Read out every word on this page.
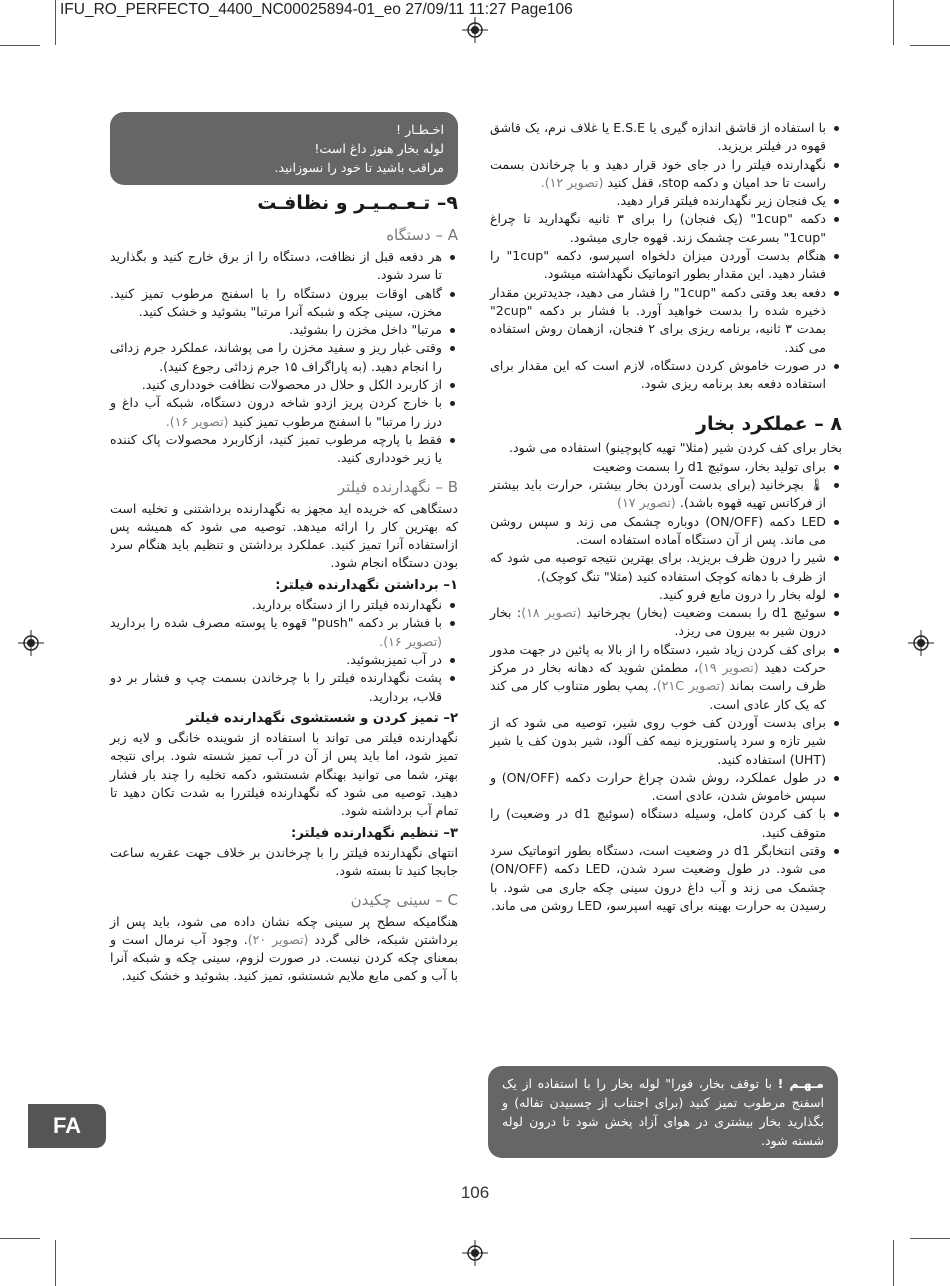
IFU_RO_PERFECTO_4400_NC00025894-01_eo 27/09/11 11:27 Page106
اخـطـار !
لوله بخار هنوز داغ است!
مراقب باشید تا خود را نسوزانید.
با استفاده از قاشق اندازه گیری یا E.S.E یا غلاف نرم، یک قاشق قهوه در فیلتر بریزید.
نگهدارنده فیلتر را در جای خود قرار دهید و با چرخاندن بسمت راست تا حد امیان و دکمه stop، قفل کنید (تصویر ۱۲).
یک فنجان زیر نگهدارنده فیلتر قرار دهید.
دکمه "1cup" (یک فنجان) را برای ۳ ثانیه نگهدارید تا چراغ "1cup" بسرعت چشمک زند. قهوه جاری میشود.
هنگام بدست آوردن میزان دلخواه اسپرسو، دکمه "1cup" را فشار دهید. این مقدار بطور اتوماتیک نگهداشته میشود.
دفعه بعد وقتی دکمه "1cup" را فشار می دهید، جدیدترین مقدار ذخیره شده را بدست خواهید آورد. با فشار بر دکمه "2cup" بمدت ۳ ثانیه، برنامه ریزی برای ۲ فنجان، ازهمان روش استفاده می کند.
در صورت خاموش کردن دستگاه، لازم است که این مقدار برای استفاده دفعه بعد برنامه ریزی شود.
۸ – عملکرد بخار

بخار برای کف کردن شیر (مثلا" تهیه کاپوچینو) استفاده می شود.

برای تولید بخار، سوئیچ d1 را بسمت وضعیت
🌡 بچرخانید (برای بدست آوردن بخار بیشتر، حرارت باید بیشتر از فرکانس تهیه قهوه باشد). (تصویر ۱۷)
LED دکمه (ON/OFF) دوباره چشمک می زند و سپس روشن می ماند. پس از آن دستگاه آماده استفاده است.
شیر را درون ظرف بریزید. برای بهترین نتیجه توصیه می شود که از ظرف با دهانه کوچک استفاده کنید (مثلا" تنگ کوچک).
لوله بخار را درون مایع فرو کنید.
سوئیچ d1 را بسمت وضعیت (بخار) بچرخانید (تصویر ۱۸): بخار درون شیر به بیرون می ریزد.
برای کف کردن زیاد شیر، دستگاه را از بالا به پائین در جهت مدور حرکت دهید (تصویر ۱۹)، مطمئن شوید که دهانه بخار در مرکز ظرف راست بماند (تصویر ۲۱C). پمپ بطور متناوب کار می کند که یک کار عادی است.
برای بدست آوردن کف خوب روی شیر، توصیه می شود که از شیر تازه و سرد پاستوریزه نیمه کف آلود، شیر بدون کف یا شیر (UHT) استفاده کنید.
در طول عملکرد، روش شدن چراغ حرارت دکمه (ON/OFF) و سپس خاموش شدن، عادی است.
با کف کردن کامل، وسیله دستگاه (سوئیچ d1 در وضعیت) را متوقف کنید.
وقتی انتخابگر d1 در وضعیت است، دستگاه بطور اتوماتیک سرد می شود. در طول وضعیت سرد شدن، LED دکمه (ON/OFF) چشمک می زند و آب داغ درون سینی چکه جاری می شود. با رسیدن به حرارت بهینه برای تهیه اسپرسو، LED روشن می ماند.
مـهـم ! با توقف بخار، فورا" لوله بخار را با استفاده از یک اسفنج مرطوب تمیز کنید (برای اجتناب از چسبیدن تفاله) و بگذارید بخار بیشتری در هوای آزاد پخش شود تا درون لوله شسته شود.
۹– تـعـمـیـر و نظافـت
A – دستگاه
هر دفعه قبل از نظافت، دستگاه را از برق خارج کنید و بگذارید تا سرد شود.
گاهی اوقات بیرون دستگاه را با اسفنج مرطوب تمیز کنید. مخزن، سینی چکه و شبکه آنرا مرتبا" بشوئید و خشک کنید.
مرتبا" داخل مخزن را بشوئید.
وقتی غبار ریز و سفید مخزن را می پوشاند، عملکرد جرم زدائی را انجام دهید. (به پاراگراف ۱۵ جرم زدائی رجوع کنید).
از کاربرد الکل و حلال در محصولات نظافت خودداری کنید.
با خارج کردن پریز ازدو شاخه درون دستگاه، شبکه آب داغ و درز را مرتبا" با اسفنج مرطوب تمیز کنید (تصویر ۱۶).
فقط با پارچه مرطوب تمیز کنید، ازکاربرد محصولات پاک کننده یا زیر خودداری کنید.
B – نگهدارنده فیلتر

دستگاهی که خریده اید مجهز به نگهدارنده برداشتنی و تخلیه است که بهترین کار را ارائه میدهد. توصیه می شود که همیشه پس ازاستفاده آنرا تمیز کنید. عملکرد برداشتن و تنظیم باید هنگام سرد بودن دستگاه انجام شود.

۱– برداشتن نگهدارنده فیلتر:
نگهدارنده فیلتر را از دستگاه بردارید.
با فشار بر دکمه "push" قهوه یا پوسته مصرف شده را بردارید (تصویر ۱۶).
در آب تمیزبشوئید.
پشت نگهدارنده فیلتر را با چرخاندن بسمت چپ و فشار بر دو قلاب، بردارید.
۲– تمیز کردن و شستشوی نگهدارنده فیلتر

نگهدارنده فیلتر می تواند با استفاده از شوینده خانگی و لایه زبر تمیز شود، اما باید پس از آن در آب تمیز شسته شود. برای نتیجه بهتر، شما می توانید بهنگام شستشو، دکمه تخلیه را چند بار فشار دهید. توصیه می شود که نگهدارنده فیلتررا به شدت تکان دهید تا تمام آب برداشته شود.

۳– تنظیم نگهدارنده فیلتر:

انتهای نگهدارنده فیلتر را با چرخاندن بر خلاف جهت عقربه ساعت جابجا کنید تا بسته شود.

C – سینی چکیدن

هنگامیکه سطح پر سینی چکه نشان داده می شود، باید پس از برداشتن شبکه، خالی گردد (تصویر ۲۰). وجود آب نرمال است و بمعنای چکه کردن نیست. در صورت لزوم، سینی چکه و شبکه آنرا با آب و کمی مایع ملایم شستشو، تمیز کنید. بشوئید و خشک کنید.

FA
106
